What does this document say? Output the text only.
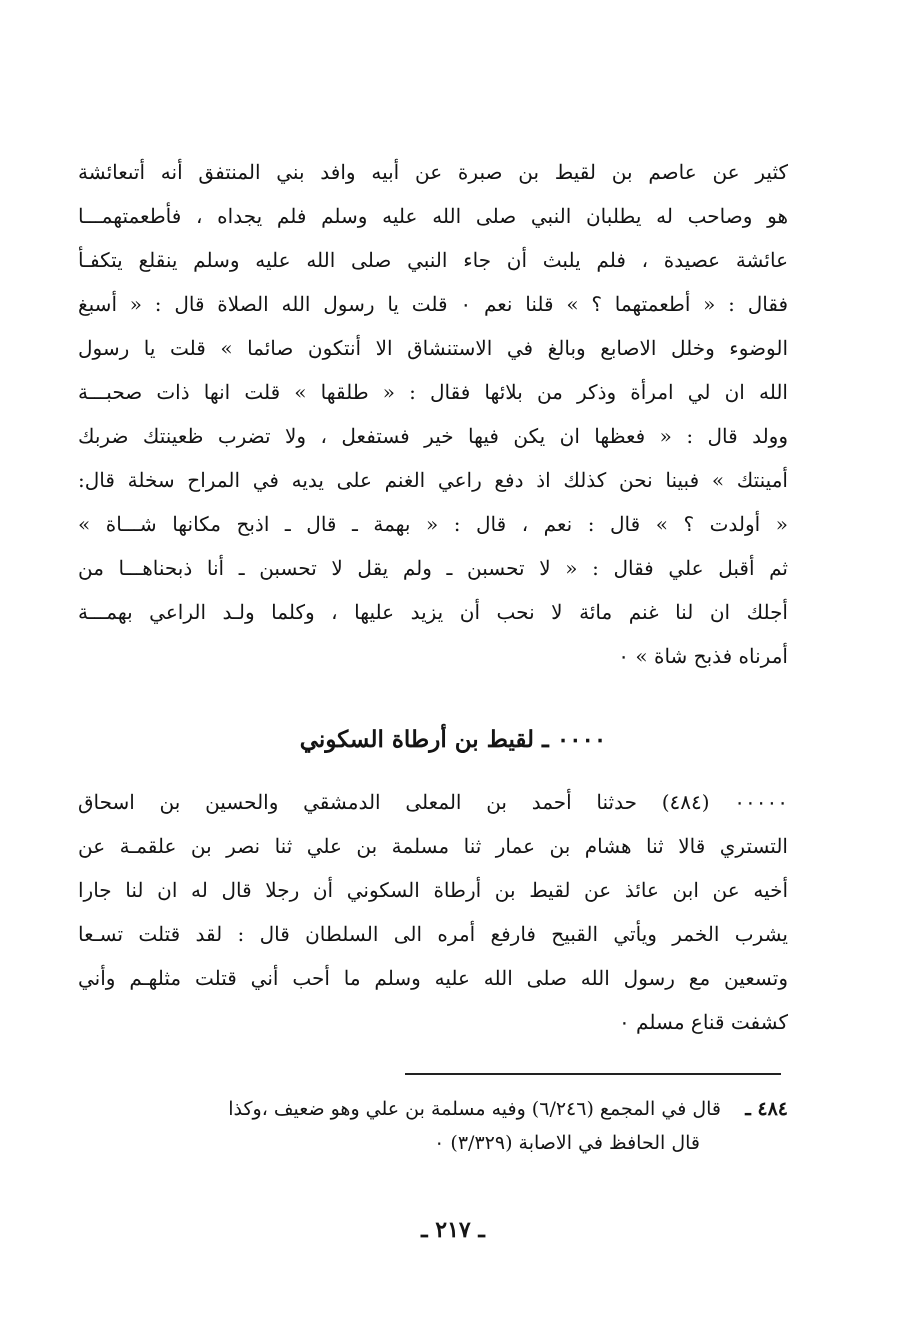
كثير عن عاصم بن لقيط بن صبرة عن أبيه وافد بني المنتفق أنه أتىعائشة
هو وصاحب له يطلبان النبي صلى الله عليه وسلم فلم يجداه ، فأطعمتهمـــا
عائشة عصيدة ، فلم يلبث أن جاء النبي صلى الله عليه وسلم ينقلع يتكفـأ
فقال : « أطعمتهما ؟ » قلنا نعم ۰ قلت يا رسول الله الصلاة قال : « أسبغ
الوضوء وخلل الاصابع وبالغ في الاستنشاق الا أنتكون صائما » قلت يا رسول
الله ان لي امرأة وذكر من بلائها فقال : « طلقها » قلت انها ذات صحبـــة
وولد قال : « فعظها ان يكن فيها خير فستفعل ، ولا تضرب ظعينتك ضربك
أمينتك » فبينا نحن كذلك اذ دفع راعي الغنم على يديه في المراح سخلة قال:
« أولدت ؟ » قال : نعم ، قال : « بهمة ـ قال ـ اذبح مكانها شـــاة »
ثم أقبل علي فقال : « لا تحسبن ـ ولم يقل لا تحسبن ـ أنا ذبحناهـــا من
أجلك ان لنا غنم مائة لا نحب أن يزيد عليها ، وكلما ولـد الراعي بهمـــة
أمرناه فذبح شاة » ۰
۰۰۰۰ ـ لقيط بن أرطاة السكوني
۰۰۰۰۰ (٤٨٤) حدثنا أحمد بن المعلى الدمشقي والحسين بن اسحاق
التستري قالا ثنا هشام بن عمار ثنا مسلمة بن علي ثنا نصر بن علقمـة عن
أخيه عن ابن عائذ عن لقيط بن أرطاة السكوني أن رجلا قال له ان لنا جارا
يشرب الخمر ويأتي القبيح فارفع أمره الى السلطان قال : لقد قتلت تسـعا
وتسعين مع رسول الله صلى الله عليه وسلم ما أحب أني قتلت مثلهـم وأني
كشفت قناع مسلم ۰
٤٨٤ ـ    قال في المجمع (٦/٢٤٦) وفيه مسلمة بن علي وهو ضعيف ،وكذا
قال الحافظ في الاصابة (٣/٣٢٩) ۰
ـ ٢١٧ ـ
